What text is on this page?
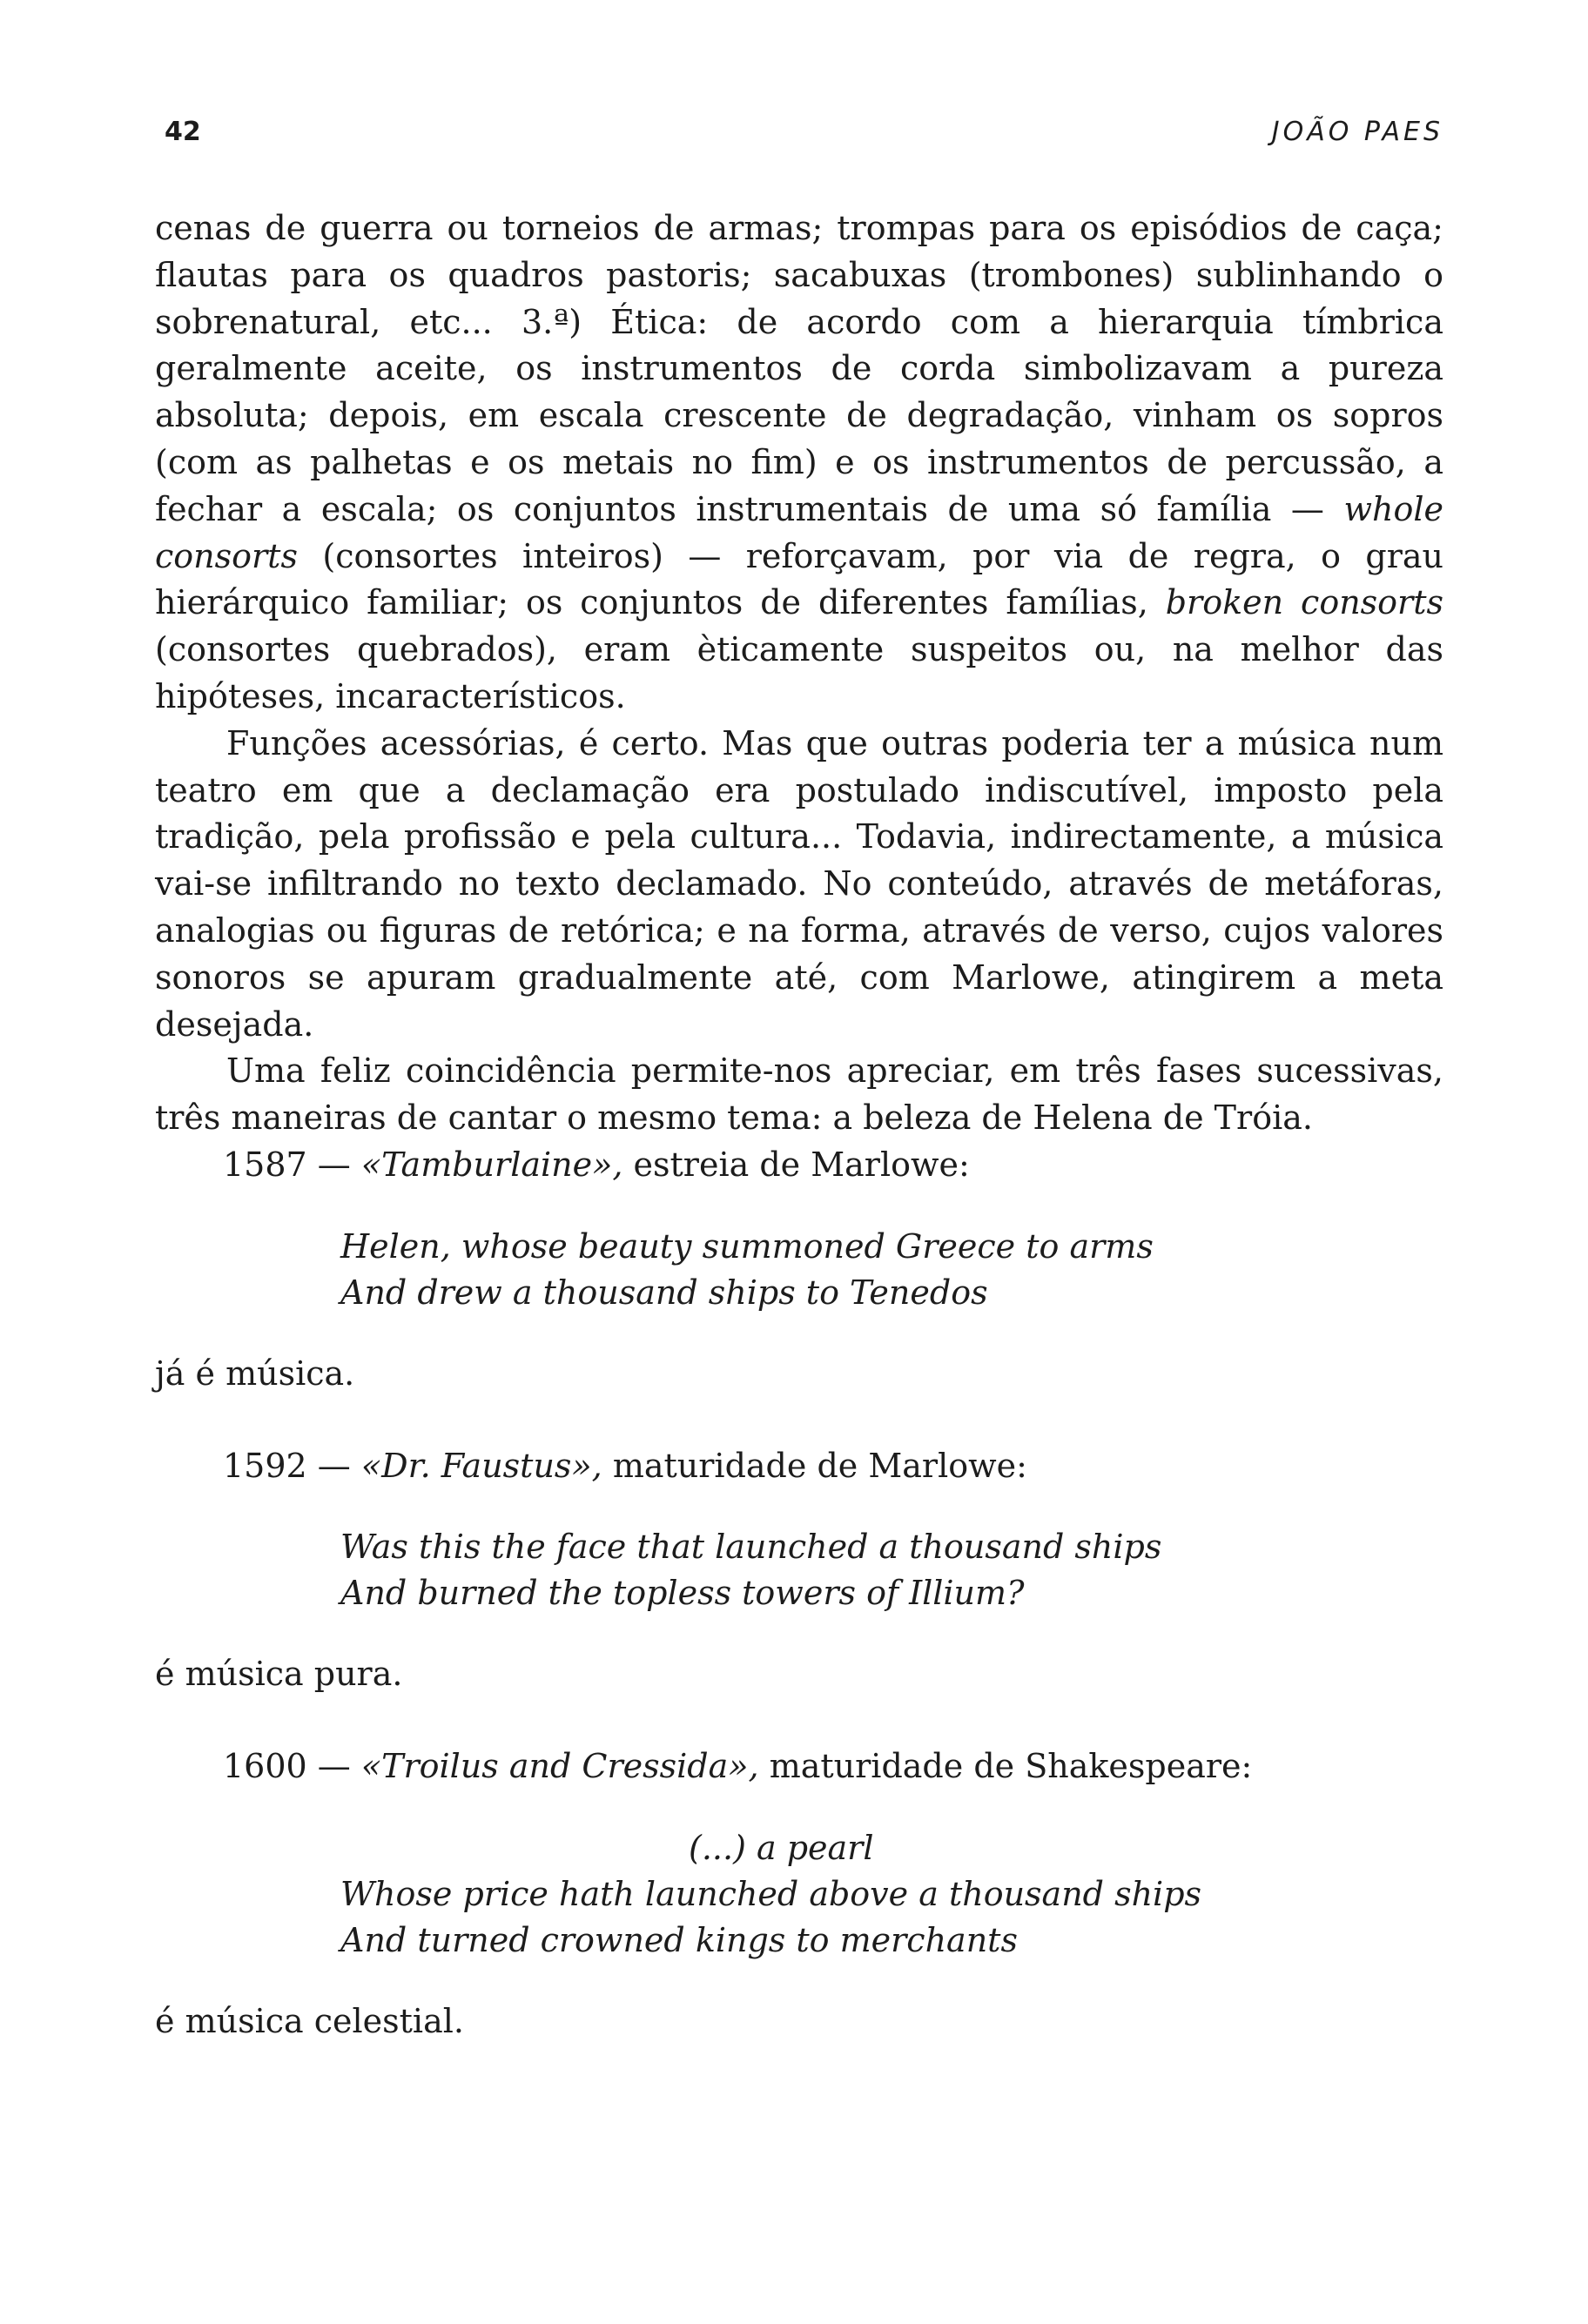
42	JOÃO PAES

cenas de guerra ou torneios de armas; trompas para os episódios de caça; flautas para os quadros pastoris; sacabuxas (trombones) sublinhando o sobrenatural, etc... 3.ª) Ética: de acordo com a hierarquia tímbrica geralmente aceite, os instrumentos de corda simbolizavam a pureza absoluta; depois, em escala crescente de degradação, vinham os sopros (com as palhetas e os metais no fim) e os instrumentos de percussão, a fechar a escala; os conjuntos instrumentais de uma só família — whole consorts (consortes inteiros) — reforçavam, por via de regra, o grau hierárquico familiar; os conjuntos de diferentes famílias, broken consorts (consortes quebrados), eram èticamente suspeitos ou, na melhor das hipóteses, incaracterísticos.

Funções acessórias, é certo. Mas que outras poderia ter a música num teatro em que a declamação era postulado indiscutível, imposto pela tradição, pela profissão e pela cultura... Todavia, indirectamente, a música vai-se infiltrando no texto declamado. No conteúdo, através de metáforas, analogias ou figuras de retórica; e na forma, através de verso, cujos valores sonoros se apuram gradualmente até, com Marlowe, atingirem a meta desejada.

Uma feliz coincidência permite-nos apreciar, em três fases sucessivas, três maneiras de cantar o mesmo tema: a beleza de Helena de Tróia.

1587 — «Tamburlaine», estreia de Marlowe:

Helen, whose beauty summoned Greece to arms
And drew a thousand ships to Tenedos

já é música.

1592 — «Dr. Faustus», maturidade de Marlowe:

Was this the face that launched a thousand ships
And burned the topless towers of Illium?

é música pura.

1600 — «Troilus and Cressida», maturidade de Shakespeare:

(...) a pearl
Whose price hath launched above a thousand ships
And turned crowned kings to merchants

é música celestial.
